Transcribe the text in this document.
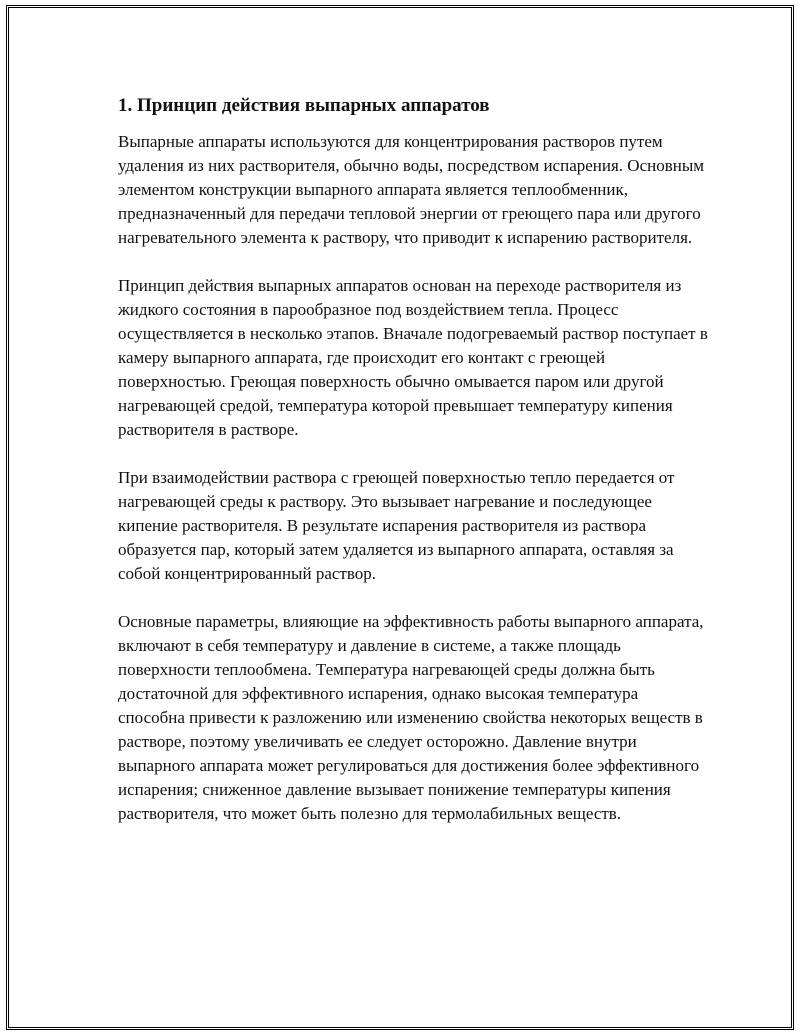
1. Принцип действия выпарных аппаратов

Выпарные аппараты используются для концентрирования растворов путем удаления из них растворителя, обычно воды, посредством испарения. Основным элементом конструкции выпарного аппарата является теплообменник, предназначенный для передачи тепловой энергии от греющего пара или другого нагревательного элемента к раствору, что приводит к испарению растворителя.

Принцип действия выпарных аппаратов основан на переходе растворителя из жидкого состояния в парообразное под воздействием тепла. Процесс осуществляется в несколько этапов. Вначале подогреваемый раствор поступает в камеру выпарного аппарата, где происходит его контакт с греющей поверхностью. Греющая поверхность обычно омывается паром или другой нагревающей средой, температура которой превышает температуру кипения растворителя в растворе.

При взаимодействии раствора с греющей поверхностью тепло передается от нагревающей среды к раствору. Это вызывает нагревание и последующее кипение растворителя. В результате испарения растворителя из раствора образуется пар, который затем удаляется из выпарного аппарата, оставляя за собой концентрированный раствор.

Основные параметры, влияющие на эффективность работы выпарного аппарата, включают в себя температуру и давление в системе, а также площадь поверхности теплообмена. Температура нагревающей среды должна быть достаточной для эффективного испарения, однако высокая температура способна привести к разложению или изменению свойства некоторых веществ в растворе, поэтому увеличивать ее следует осторожно. Давление внутри выпарного аппарата может регулироваться для достижения более эффективного испарения; сниженное давление вызывает понижение температуры кипения растворителя, что может быть полезно для термолабильных веществ.
